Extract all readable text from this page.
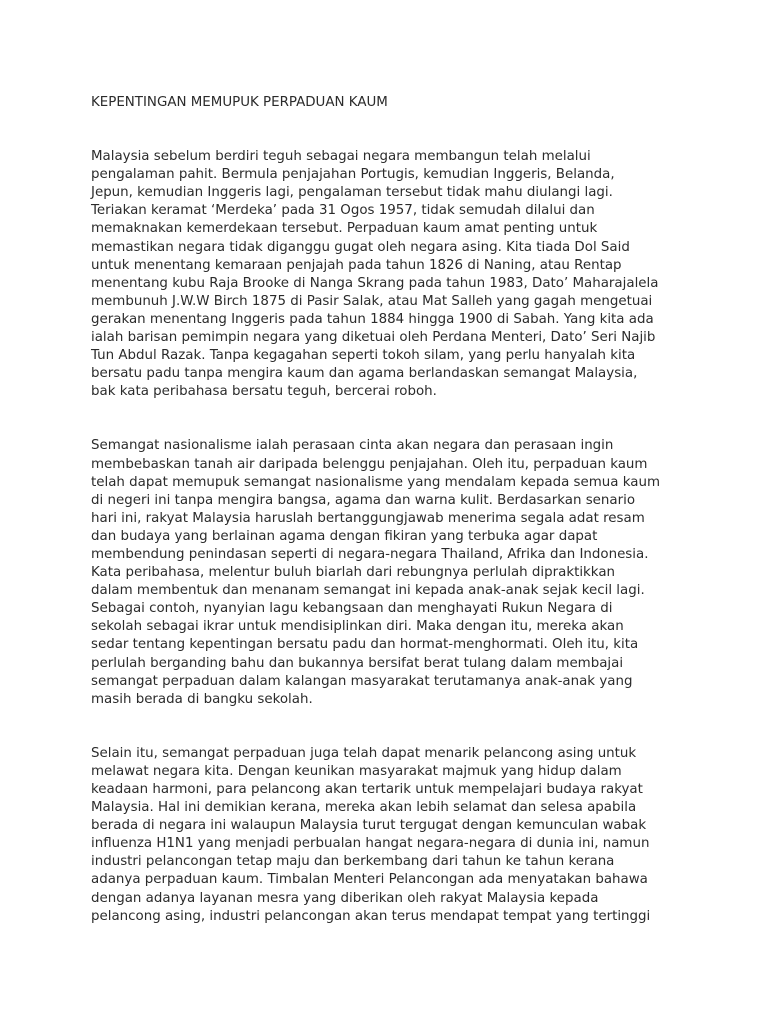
KEPENTINGAN MEMUPUK PERPADUAN KAUM

Malaysia sebelum berdiri teguh sebagai negara membangun telah melalui
pengalaman pahit. Bermula penjajahan Portugis, kemudian Inggeris, Belanda,
Jepun, kemudian Inggeris lagi, pengalaman tersebut tidak mahu diulangi lagi.
Teriakan keramat ‘Merdeka’ pada 31 Ogos 1957, tidak semudah dilalui dan
memaknakan kemerdekaan tersebut. Perpaduan kaum amat penting untuk
memastikan negara tidak diganggu gugat oleh negara asing. Kita tiada Dol Said
untuk menentang kemaraan penjajah pada tahun 1826 di Naning, atau Rentap
menentang kubu Raja Brooke di Nanga Skrang pada tahun 1983, Dato’ Maharajalela
membunuh J.W.W Birch 1875 di Pasir Salak, atau Mat Salleh yang gagah mengetuai
gerakan menentang Inggeris pada tahun 1884 hingga 1900 di Sabah. Yang kita ada
ialah barisan pemimpin negara yang diketuai oleh Perdana Menteri, Dato’ Seri Najib
Tun Abdul Razak. Tanpa kegagahan seperti tokoh silam, yang perlu hanyalah kita
bersatu padu tanpa mengira kaum dan agama berlandaskan semangat Malaysia,
bak kata peribahasa bersatu teguh, bercerai roboh.

Semangat nasionalisme ialah perasaan cinta akan negara dan perasaan ingin
membebaskan tanah air daripada belenggu penjajahan. Oleh itu, perpaduan kaum
telah dapat memupuk semangat nasionalisme yang mendalam kepada semua kaum
di negeri ini tanpa mengira bangsa, agama dan warna kulit. Berdasarkan senario
hari ini, rakyat Malaysia haruslah bertanggungjawab menerima segala adat resam
dan budaya yang berlainan agama dengan fikiran yang terbuka agar dapat
membendung penindasan seperti di negara-negara Thailand, Afrika dan Indonesia.
Kata peribahasa, melentur buluh biarlah dari rebungnya perlulah dipraktikkan
dalam membentuk dan menanam semangat ini kepada anak-anak sejak kecil lagi.
Sebagai contoh, nyanyian lagu kebangsaan dan menghayati Rukun Negara di
sekolah sebagai ikrar untuk mendisiplinkan diri. Maka dengan itu, mereka akan
sedar tentang kepentingan bersatu padu dan hormat-menghormati. Oleh itu, kita
perlulah berganding bahu dan bukannya bersifat berat tulang dalam membajai
semangat perpaduan dalam kalangan masyarakat terutamanya anak-anak yang
masih berada di bangku sekolah.

Selain itu, semangat perpaduan juga telah dapat menarik pelancong asing untuk
melawat negara kita. Dengan keunikan masyarakat majmuk yang hidup dalam
keadaan harmoni, para pelancong akan tertarik untuk mempelajari budaya rakyat
Malaysia. Hal ini demikian kerana, mereka akan lebih selamat dan selesa apabila
berada di negara ini walaupun Malaysia turut tergugat dengan kemunculan wabak
influenza H1N1 yang menjadi perbualan hangat negara-negara di dunia ini, namun
industri pelancongan tetap maju dan berkembang dari tahun ke tahun kerana
adanya perpaduan kaum. Timbalan Menteri Pelancongan ada menyatakan bahawa
dengan adanya layanan mesra yang diberikan oleh rakyat Malaysia kepada
pelancong asing, industri pelancongan akan terus mendapat tempat yang tertinggi
